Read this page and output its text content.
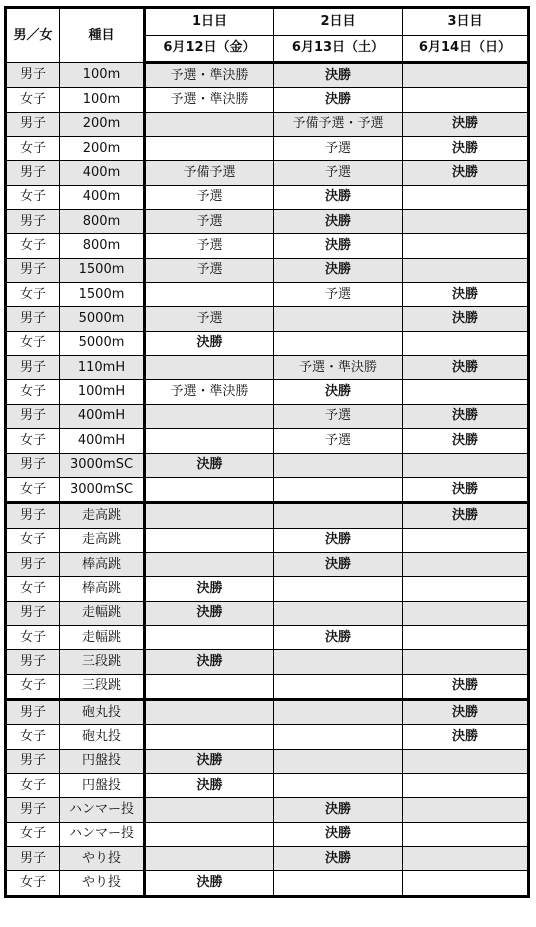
男／女	種目	1日目	2日目	3日目
		6月12日（金）	6月13日（土）	6月14日（日）
男子	100m	予選・準決勝	決勝	
女子	100m	予選・準決勝	決勝	
男子	200m		予備予選・予選	決勝
女子	200m		予選	決勝
男子	400m	予備予選	予選	決勝
女子	400m	予選	決勝	
男子	800m	予選	決勝	
女子	800m	予選	決勝	
男子	1500m	予選	決勝	
女子	1500m		予選	決勝
男子	5000m	予選		決勝
女子	5000m	決勝		
男子	110mH		予選・準決勝	決勝
女子	100mH	予選・準決勝	決勝	
男子	400mH		予選	決勝
女子	400mH		予選	決勝
男子	3000mSC	決勝		
女子	3000mSC			決勝
男子	走高跳			決勝
女子	走高跳		決勝	
男子	棒高跳		決勝	
女子	棒高跳	決勝		
男子	走幅跳	決勝		
女子	走幅跳		決勝	
男子	三段跳	決勝		
女子	三段跳			決勝
男子	砲丸投			決勝
女子	砲丸投			決勝
男子	円盤投	決勝		
女子	円盤投	決勝		
男子	ハンマー投		決勝	
女子	ハンマー投		決勝	
男子	やり投		決勝	
女子	やり投	決勝		
